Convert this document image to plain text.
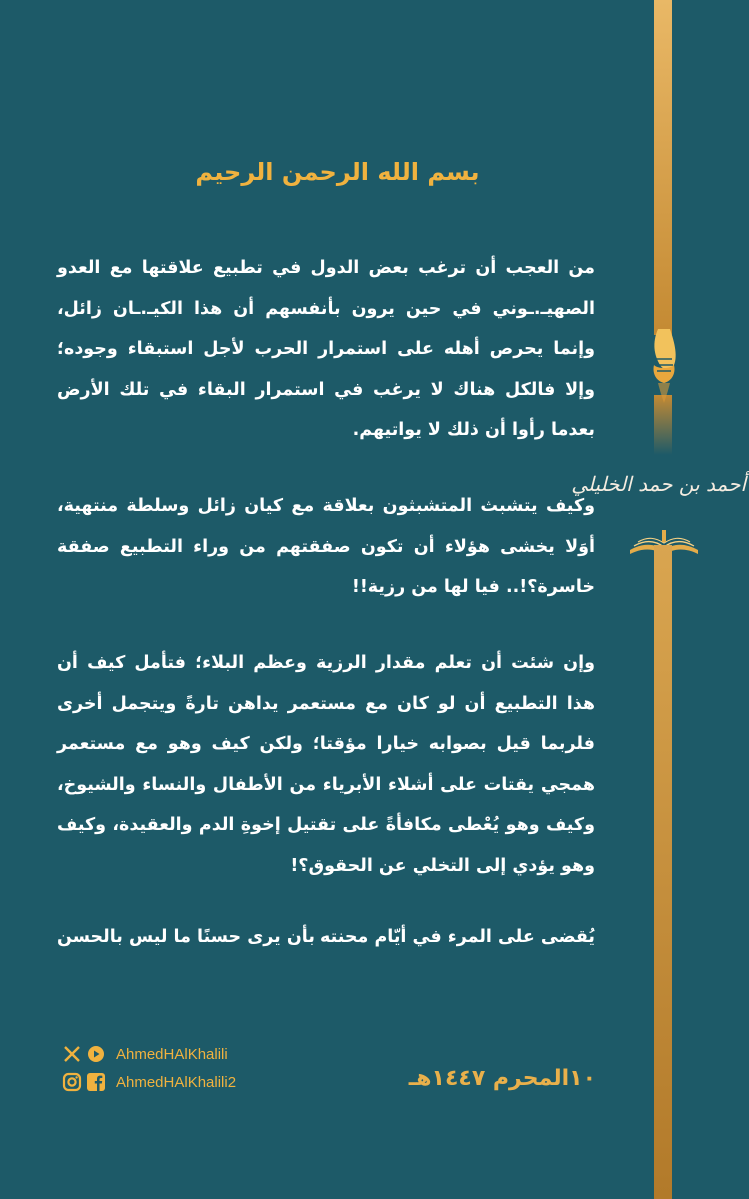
أحمد بن حمد الخليلي
بسم الله الرحمن الرحيم

من العجب أن ترغب بعض الدول في تطبيع علاقتها مع العدو الصهيـ.ـوني في حين يرون بأنفسهم أن هذا الكيـ.ـان زائل، وإنما يحرص أهله على استمرار الحرب لأجل استبقاء وجوده؛ وإلا فالكل هناك لا يرغب في استمرار البقاء في تلك الأرض بعدما رأوا أن ذلك لا يواتيهم.

وكيف يتشبث المتشبثون بعلاقة مع كيان زائل وسلطة منتهية، أوَلا يخشى هؤلاء أن تكون صفقتهم من وراء التطبيع صفقة خاسرة؟!.. فيا لها من رزية!!

وإن شئت أن تعلم مقدار الرزية وعظم البلاء؛ فتأمل كيف أن هذا التطبيع أن لو كان مع مستعمر يداهن تارةً ويتجمل أخرى فلربما قيل بصوابه خيارا مؤقتا؛ ولكن كيف وهو مع مستعمر همجي يقتات على أشلاء الأبرياء من الأطفال والنساء والشيوخ، وكيف وهو يُعْطى مكافأةً على تقتيل إخوةِ الدم والعقيدة، وكيف وهو يؤدي إلى التخلي عن الحقوق؟!

يُقضى على المرء في أيّام محنته
بأن يرى حسنًا ما ليس بالحسن
AhmedHAlKhalili
AhmedHAlKhalili2	١٠المحرم ١٤٤٧هـ
